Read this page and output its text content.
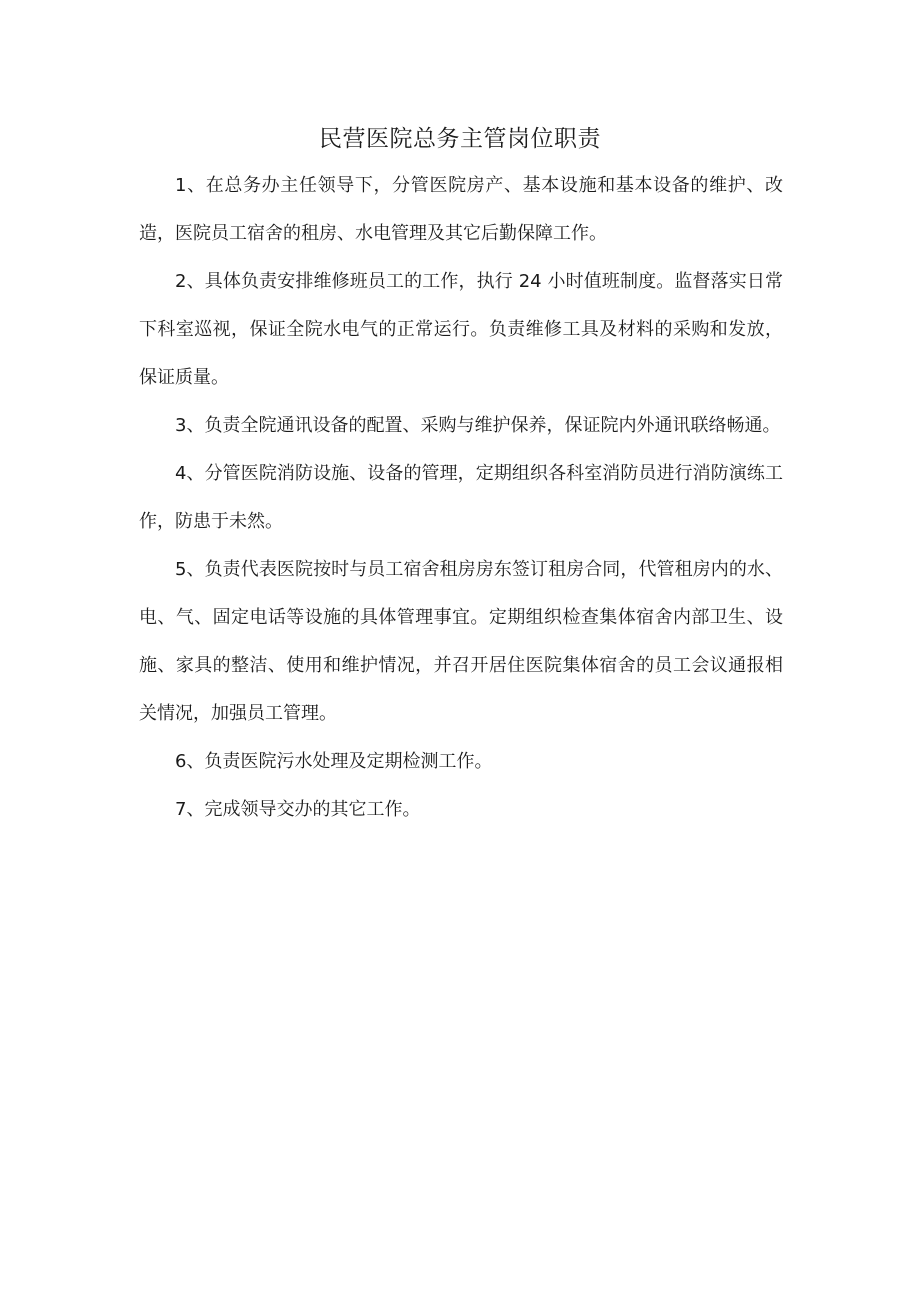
民营医院总务主管岗位职责

1、在总务办主任领导下，分管医院房产、基本设施和基本设备的维护、改造，医院员工宿舍的租房、水电管理及其它后勤保障工作。

2、具体负责安排维修班员工的工作，执行 24 小时值班制度。监督落实日常下科室巡视，保证全院水电气的正常运行。负责维修工具及材料的采购和发放，保证质量。

3、负责全院通讯设备的配置、采购与维护保养，保证院内外通讯联络畅通。

4、分管医院消防设施、设备的管理，定期组织各科室消防员进行消防演练工作，防患于未然。

5、负责代表医院按时与员工宿舍租房房东签订租房合同，代管租房内的水、电、气、固定电话等设施的具体管理事宜。定期组织检查集体宿舍内部卫生、设施、家具的整洁、使用和维护情况，并召开居住医院集体宿舍的员工会议通报相关情况，加强员工管理。

6、负责医院污水处理及定期检测工作。

7、完成领导交办的其它工作。
